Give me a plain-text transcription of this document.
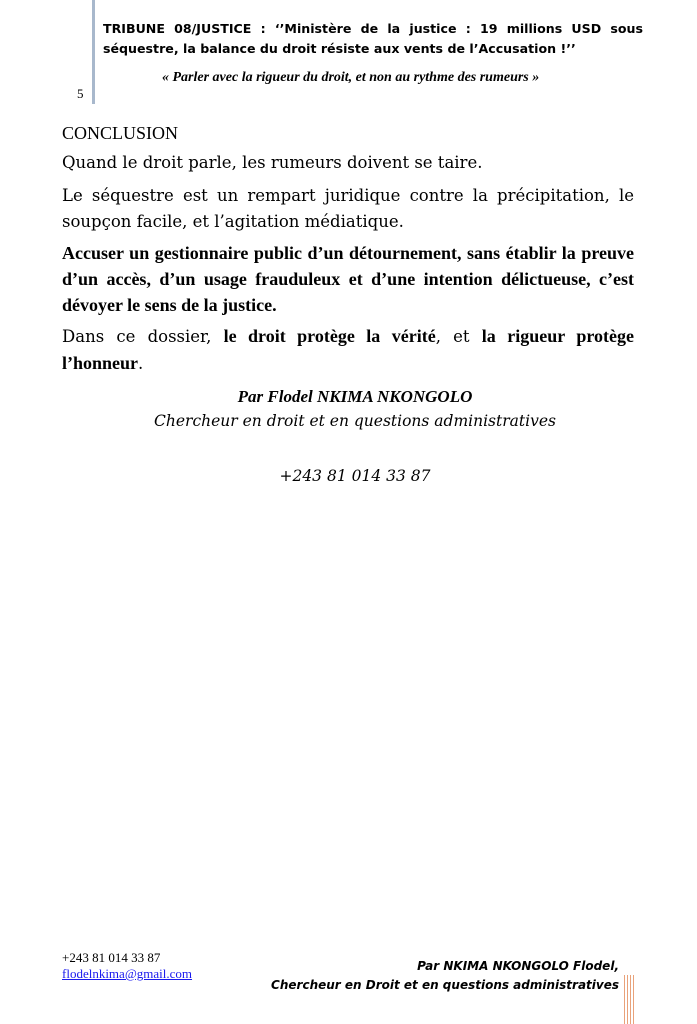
TRIBUNE 08/JUSTICE : ‘’Ministère de la justice : 19 millions USD sous séquestre, la balance du droit résiste aux vents de l’Accusation !’’

« Parler avec la rigueur du droit, et non au rythme des rumeurs »

5

CONCLUSION

Quand le droit parle, les rumeurs doivent se taire.

Le séquestre est un rempart juridique contre la précipitation, le soupçon facile, et l’agitation médiatique.

Accuser un gestionnaire public d’un détournement, sans établir la preuve d’un accès, d’un usage frauduleux et d’une intention délictueuse, c’est dévoyer le sens de la justice.

Dans ce dossier, le droit protège la vérité, et la rigueur protège l’honneur.

Par Flodel NKIMA NKONGOLO

Chercheur en droit et en questions administratives

+243 81 014 33 87

+243 81 014 33 87
flodelnkima@gmail.com	Par NKIMA NKONGOLO Flodel,
Chercheur en Droit et en questions administratives
